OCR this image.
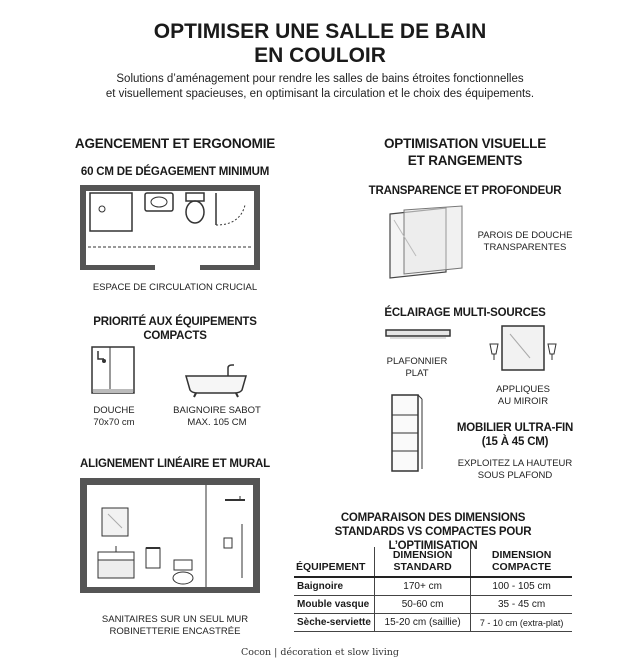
OPTIMISER UNE SALLE DE BAIN
EN COULOIR
Solutions d’aménagement pour rendre les salles de bains étroites fonctionnelles
et visuellement spacieuses, en optimisant la circulation et le choix des équipements.
AGENCEMENT ET ERGONOMIE
60 CM DE DÉGAGEMENT MINIMUM
ESPACE DE CIRCULATION CRUCIAL
PRIORITÉ AUX ÉQUIPEMENTS
COMPACTS
DOUCHE
70x70 cm
BAIGNOIRE SABOT
MAX. 105 CM
ALIGNEMENT LINÉAIRE ET MURAL
SANITAIRES SUR UN SEUL MUR
ROBINETTERIE ENCASTRÉE
OPTIMISATION VISUELLE
ET RANGEMENTS
TRANSPARENCE ET PROFONDEUR
PAROIS DE DOUCHE
TRANSPARENTES
ÉCLAIRAGE MULTI-SOURCES
PLAFONNIER
PLAT
APPLIQUES
AU MIROIR
MOBILIER ULTRA-FIN
(15 À 45 CM)
EXPLOITEZ LA HAUTEUR
SOUS PLAFOND
COMPARAISON DES DIMENSIONS
STANDARDS VS COMPACTES POUR L’OPTIMISATION
ÉQUIPEMENT	DIMENSION STANDARD	DIMENSION COMPACTE
Baignoire	170+ cm	100 - 105 cm
Mouble vasque	50-60 cm	35 - 45 cm
Sèche-serviette	15-20 cm (saillie)	7 - 10 cm (extra-plat)
Cocon | décoration et slow living
